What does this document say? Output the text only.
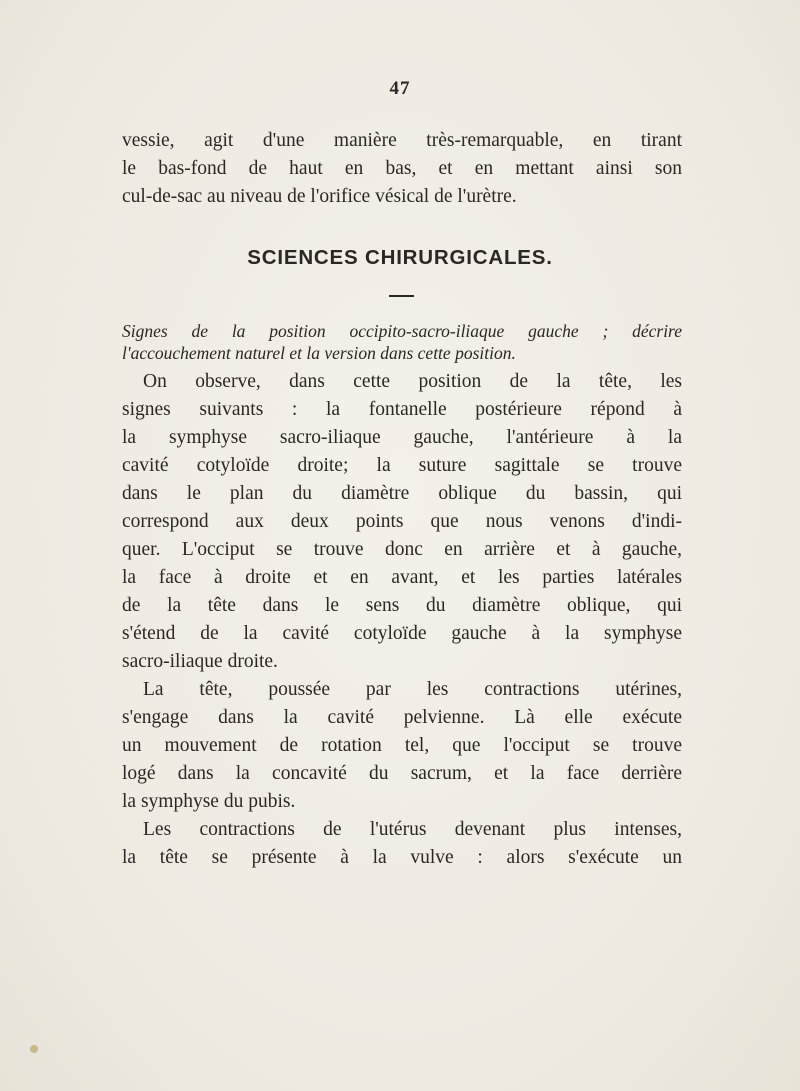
47
vessie, agit d'une manière très-remarquable, en tirant
le bas-fond de haut en bas, et en mettant ainsi son
cul-de-sac au niveau de l'orifice vésical de l'urètre.
SCIENCES CHIRURGICALES.
Signes de la position occipito-sacro-iliaque gauche ; décrire
l'accouchement naturel et la version dans cette position.
On observe, dans cette position de la tête, les
signes suivants : la fontanelle postérieure répond à
la symphyse sacro-iliaque gauche, l'antérieure à la
cavité cotyloïde droite; la suture sagittale se trouve
dans le plan du diamètre oblique du bassin, qui
correspond aux deux points que nous venons d'indi-
quer. L'occiput se trouve donc en arrière et à gauche,
la face à droite et en avant, et les parties latérales
de la tête dans le sens du diamètre oblique, qui
s'étend de la cavité cotyloïde gauche à la symphyse
sacro-iliaque droite.
La tête, poussée par les contractions utérines,
s'engage dans la cavité pelvienne. Là elle exécute
un mouvement de rotation tel, que l'occiput se trouve
logé dans la concavité du sacrum, et la face derrière
la symphyse du pubis.
Les contractions de l'utérus devenant plus intenses,
la tête se présente à la vulve : alors s'exécute un
